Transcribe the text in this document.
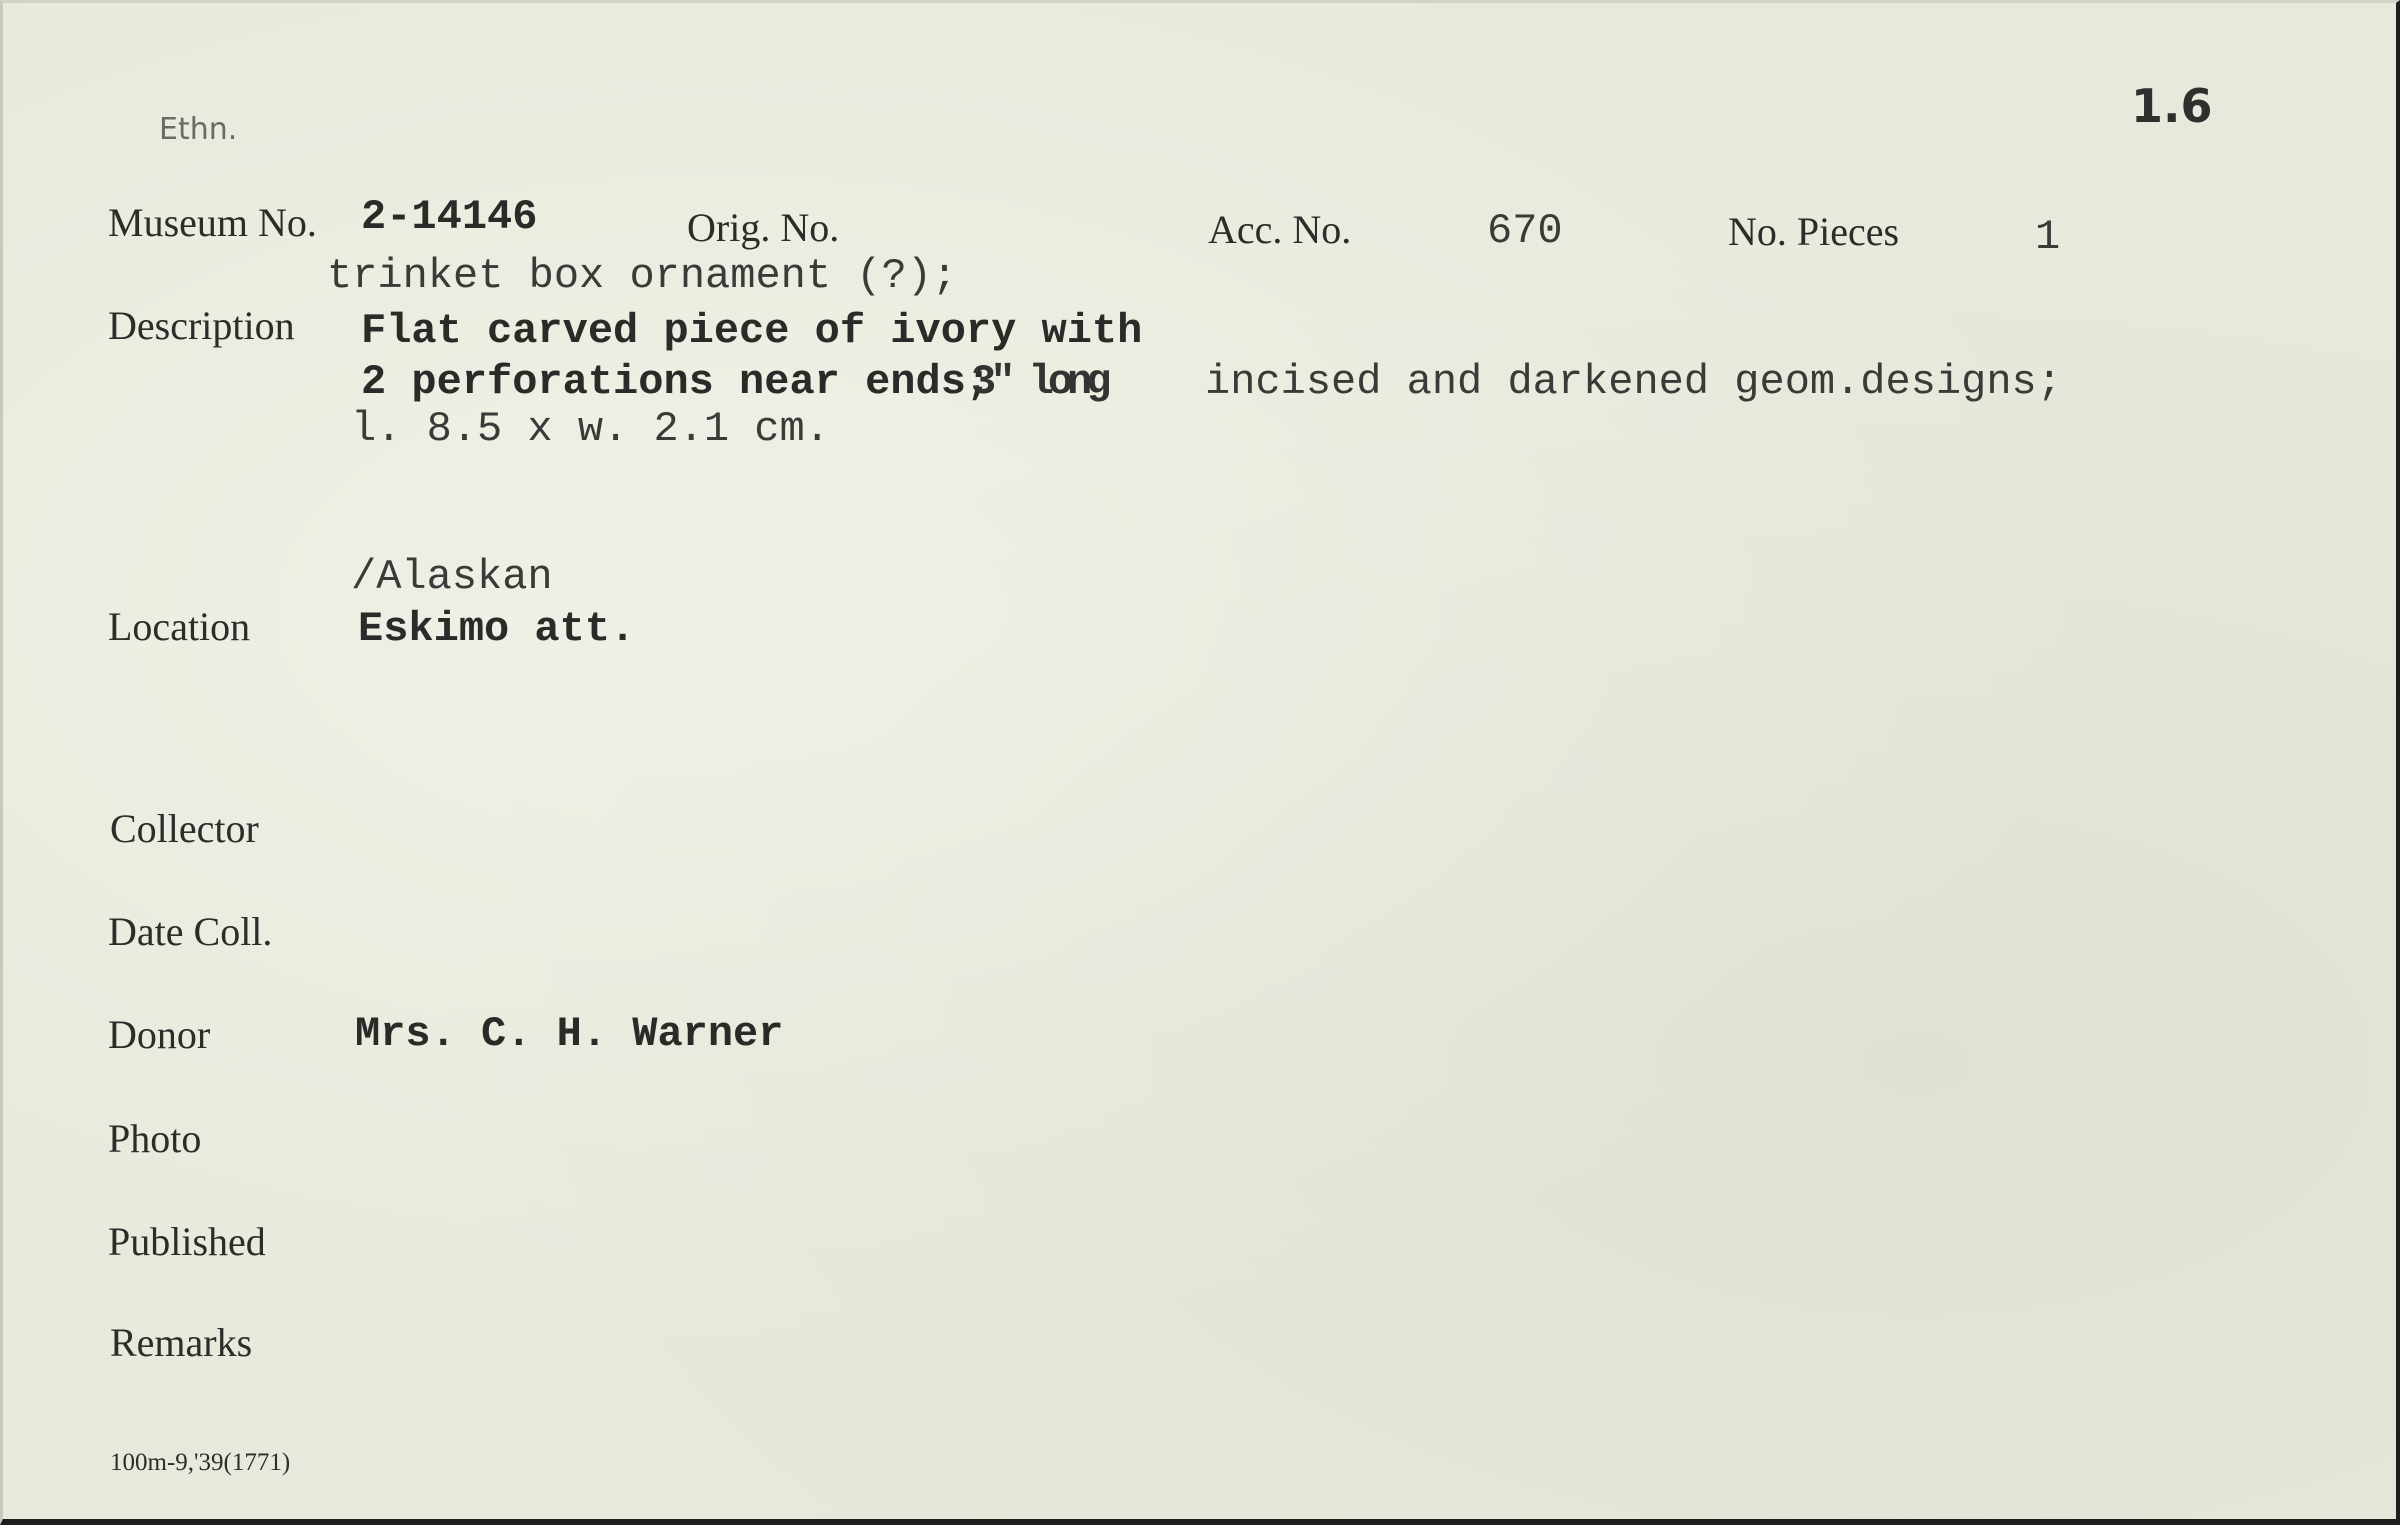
Ethn.	1.6
Museum No. 2-14146	Orig. No.	Acc. No.	670	No. Pieces	1
trinket box ornament (?);
Description Flat carved piece of ivory with
2 perforations near ends;
3" long incised and darkened geom.designs;
l. 8.5 x w. 2.1 cm.
/Alaskan
Location	Eskimo att.
Collector
Date Coll.
Donor	Mrs. C. H. Warner
Photo
Published
Remarks
100m-9,'39(1771)
